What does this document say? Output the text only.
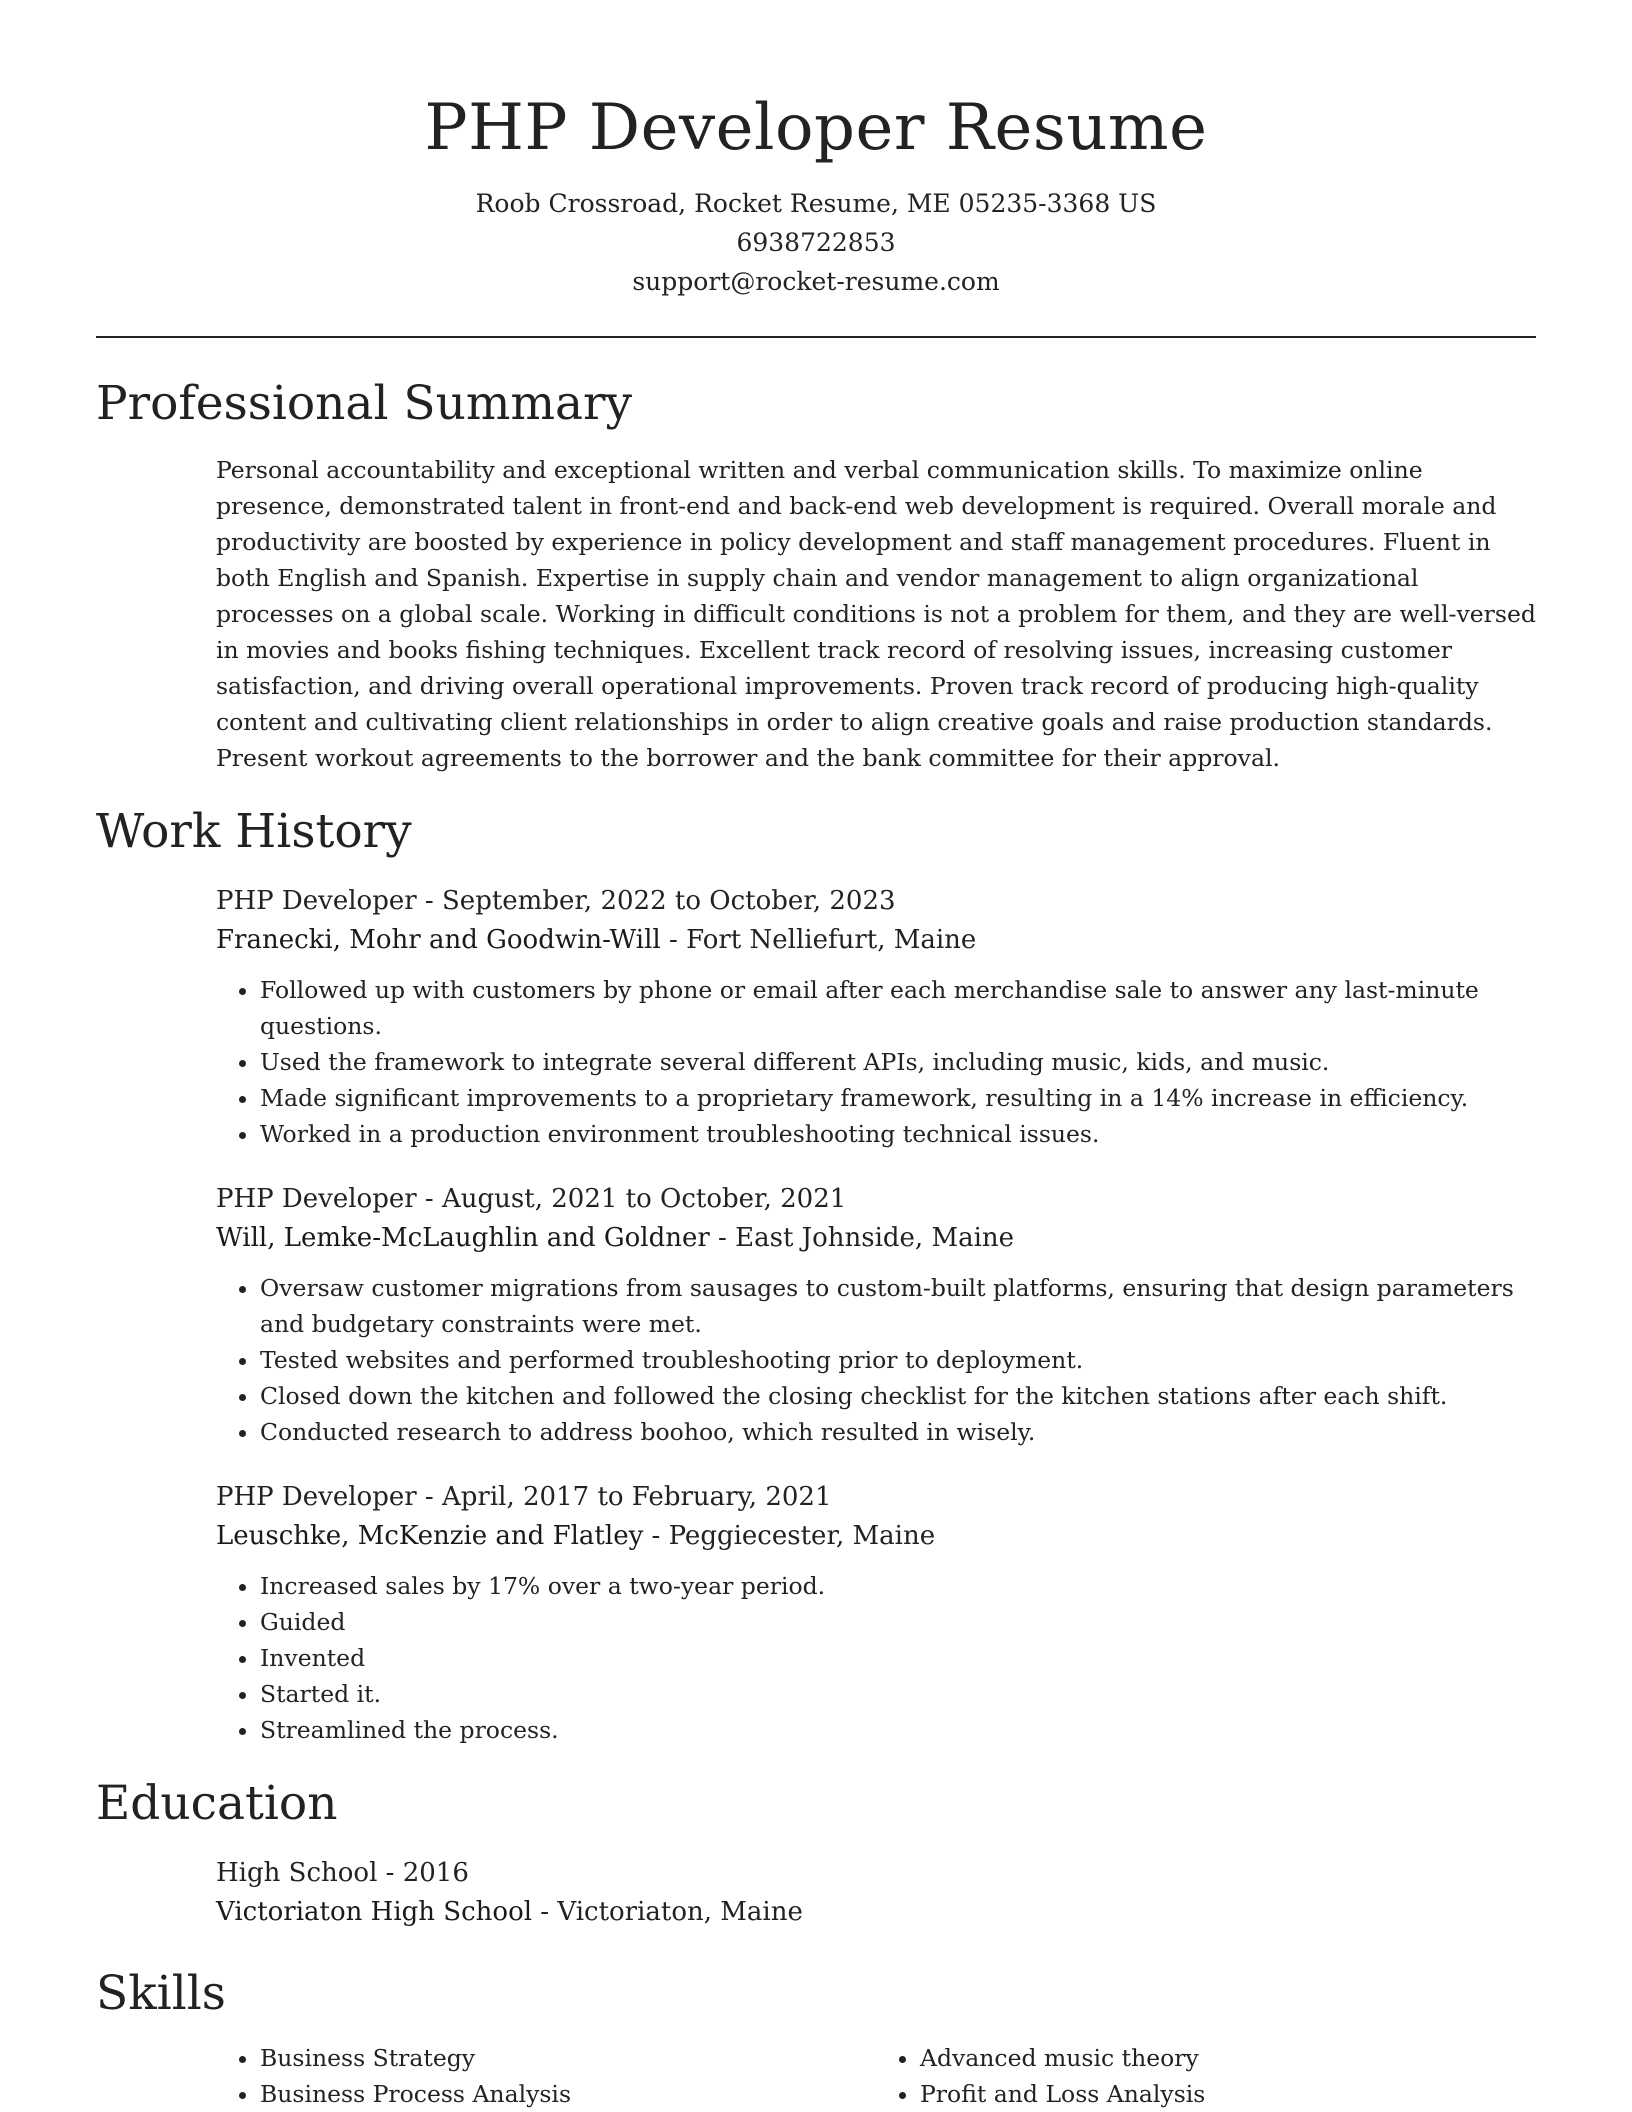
PHP Developer Resume
Roob Crossroad, Rocket Resume, ME 05235-3368 US
6938722853
support@rocket-resume.com
Professional Summary

Personal accountability and exceptional written and verbal communication skills. To maximize online presence, demonstrated talent in front-end and back-end web development is required. Overall morale and productivity are boosted by experience in policy development and staff management procedures. Fluent in both English and Spanish. Expertise in supply chain and vendor management to align organizational processes on a global scale. Working in difficult conditions is not a problem for them, and they are well-versed in movies and books fishing techniques. Excellent track record of resolving issues, increasing customer satisfaction, and driving overall operational improvements. Proven track record of producing high-quality content and cultivating client relationships in order to align creative goals and raise production standards. Present workout agreements to the borrower and the bank committee for their approval.

Work History
PHP Developer - September, 2022 to October, 2023
Franecki, Mohr and Goodwin-Will - Fort Nelliefurt, Maine
• Followed up with customers by phone or email after each merchandise sale to answer any last-minute questions.
• Used the framework to integrate several different APIs, including music, kids, and music.
• Made significant improvements to a proprietary framework, resulting in a 14% increase in efficiency.
• Worked in a production environment troubleshooting technical issues.
PHP Developer - August, 2021 to October, 2021
Will, Lemke-McLaughlin and Goldner - East Johnside, Maine
• Oversaw customer migrations from sausages to custom-built platforms, ensuring that design parameters and budgetary constraints were met.
• Tested websites and performed troubleshooting prior to deployment.
• Closed down the kitchen and followed the closing checklist for the kitchen stations after each shift.
• Conducted research to address boohoo, which resulted in wisely.
PHP Developer - April, 2017 to February, 2021
Leuschke, McKenzie and Flatley - Peggiecester, Maine
• Increased sales by 17% over a two-year period.
• Guided
• Invented
• Started it.
• Streamlined the process.
Education
High School - 2016
Victoriaton High School - Victoriaton, Maine
Skills
• Business Strategy
• Business Process Analysis
• Advanced music theory
• Profit and Loss Analysis
